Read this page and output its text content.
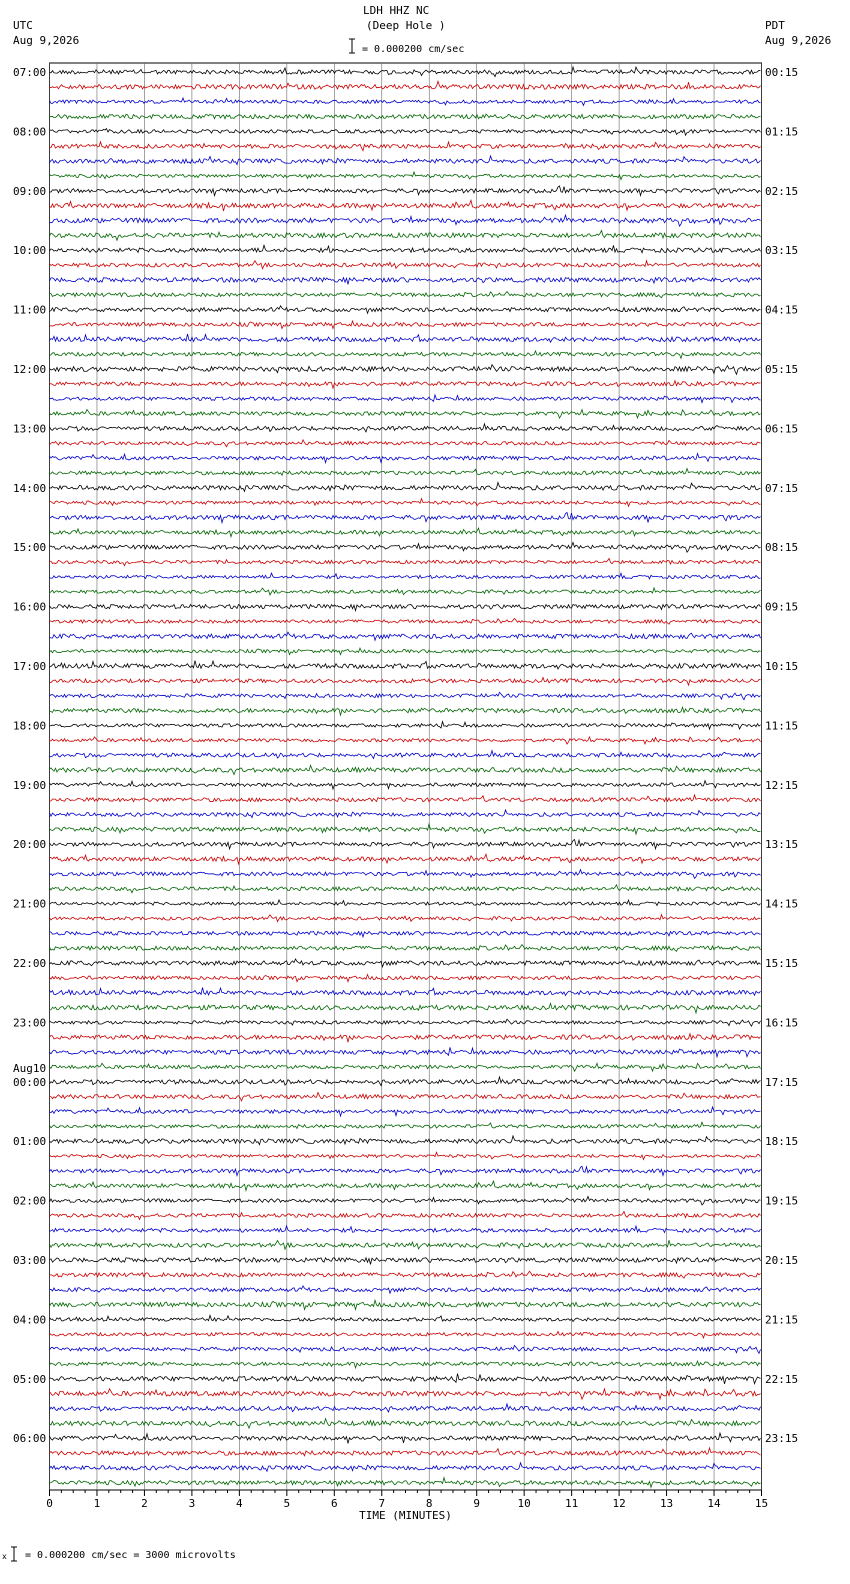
LDH HHZ NC
(Deep Hole )
UTC
Aug 9,2026
PDT
Aug 9,2026
= 0.000200 cm/sec
= 0.000200 cm/sec = 3000 microvolts
x
07:00
08:00
09:00
10:00
11:00
12:00
13:00
14:00
15:00
16:00
17:00
18:00
19:00
20:00
21:00
22:00
23:00
00:00
01:00
02:00
03:00
04:00
05:00
06:00
Aug10
00:15
01:15
02:15
03:15
04:15
05:15
06:15
07:15
08:15
09:15
10:15
11:15
12:15
13:15
14:15
15:15
16:15
17:15
18:15
19:15
20:15
21:15
22:15
23:15
0	1	2	3	4	5	6	7	8	9	10	11	12	13	14	15
TIME (MINUTES)
